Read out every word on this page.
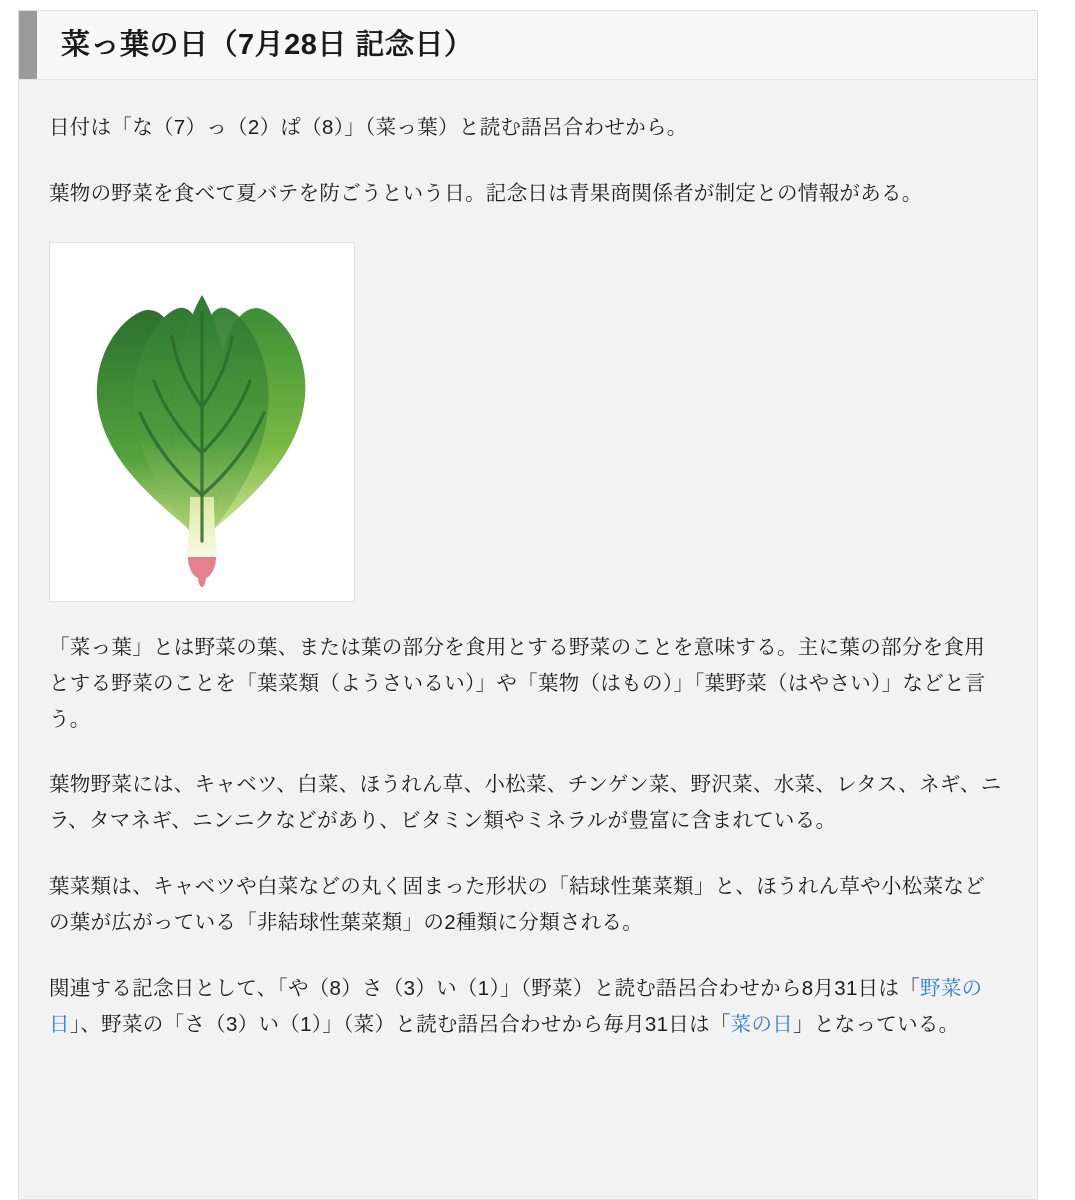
菜っ葉の日（7月28日 記念日）

日付は「な（7）っ（2）ぱ（8）」（菜っ葉）と読む語呂合わせから。

葉物の野菜を食べて夏バテを防ごうという日。記念日は青果商関係者が制定との情報がある。

「菜っ葉」とは野菜の葉、または葉の部分を食用とする野菜のことを意味する。主に葉の部分を食用とする野菜のことを「葉菜類（ようさいるい）」や「葉物（はもの）」「葉野菜（はやさい）」などと言う。

葉物野菜には、キャベツ、白菜、ほうれん草、小松菜、チンゲン菜、野沢菜、水菜、レタス、ネギ、ニラ、タマネギ、ニンニクなどがあり、ビタミン類やミネラルが豊富に含まれている。

葉菜類は、キャベツや白菜などの丸く固まった形状の「結球性葉菜類」と、ほうれん草や小松菜などの葉が広がっている「非結球性葉菜類」の2種類に分類される。

関連する記念日として、「や（8）さ（3）い（1）」（野菜）と読む語呂合わせから8月31日は「野菜の日」、野菜の「さ（3）い（1）」（菜）と読む語呂合わせから毎月31日は「菜の日」となっている。
